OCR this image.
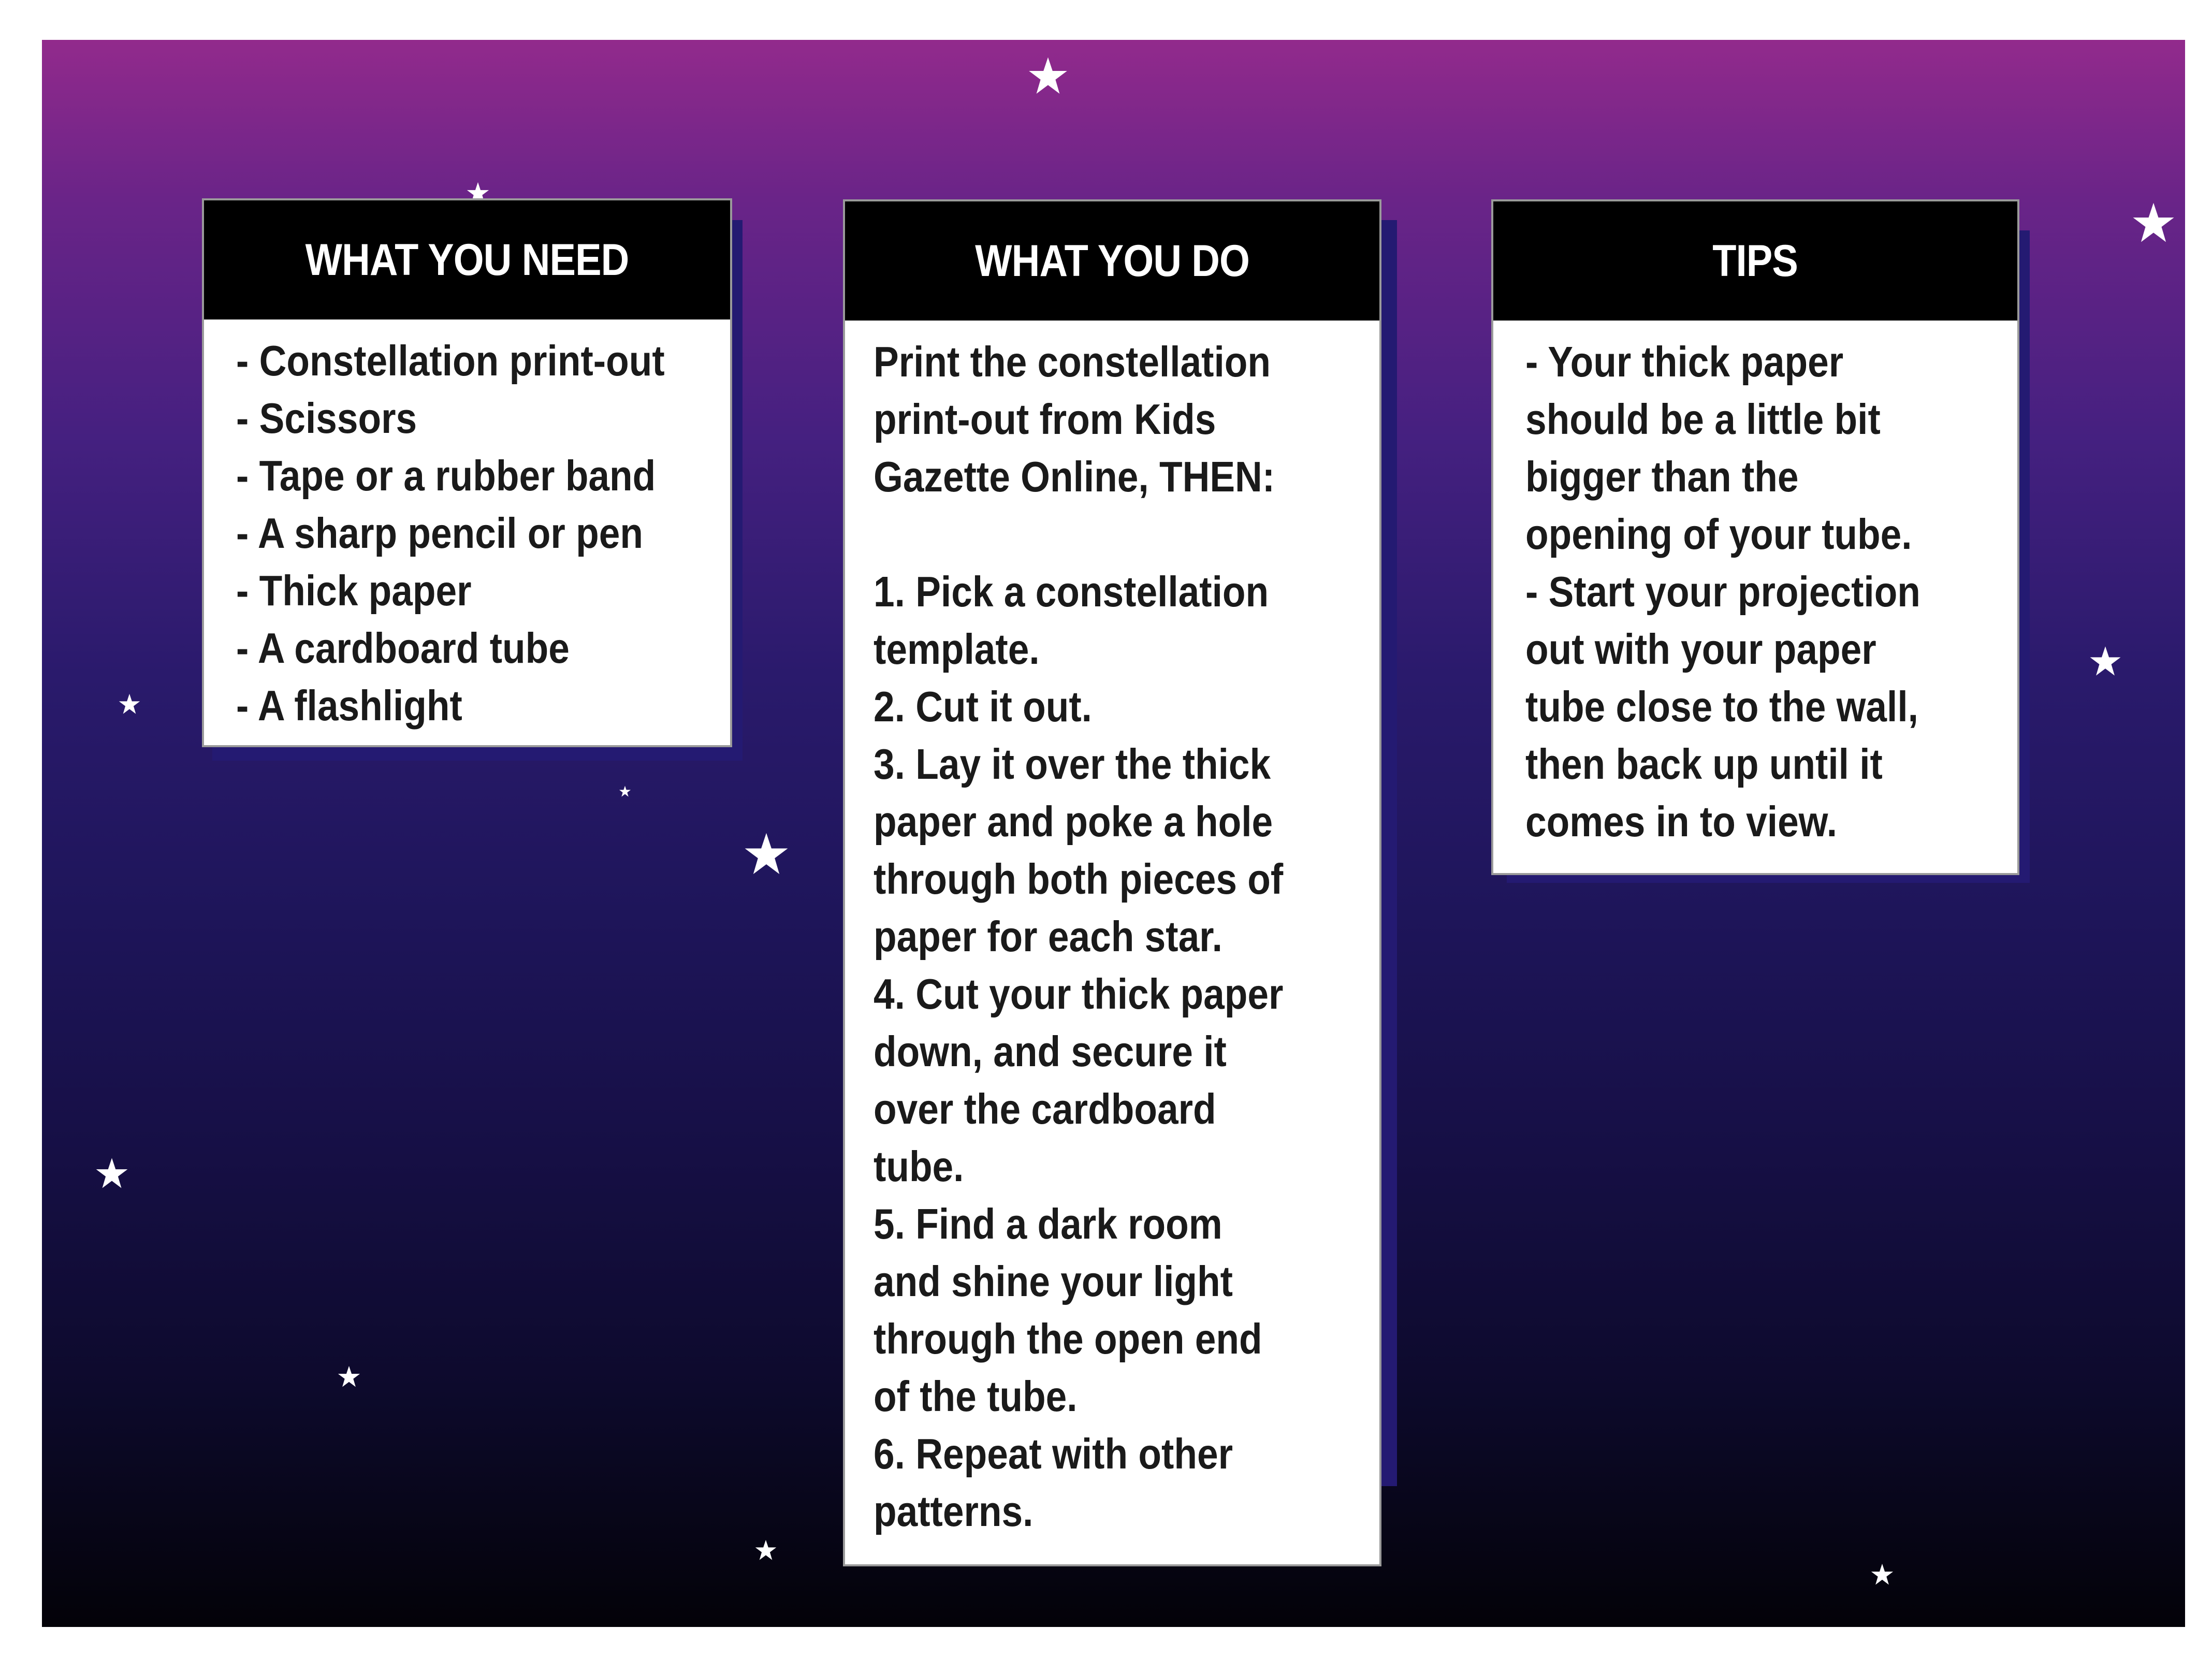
WHAT YOU NEED
- Constellation print-out
- Scissors
- Tape or a rubber band
- A sharp pencil or pen
- Thick paper
- A cardboard tube
- A flashlight
WHAT YOU DO
Print the constellation
print-out from Kids
Gazette Online, THEN:
1. Pick a constellation
template.
2. Cut it out.
3. Lay it over the thick
paper and poke a hole
through both pieces of
paper for each star.
4. Cut your thick paper
down, and secure it
over the cardboard
tube.
5. Find a dark room
and shine your light
through the open end
of the tube.
6. Repeat with other
patterns.
TIPS
- Your thick paper
should be a little bit
bigger than the
opening of your tube.
- Start your projection
out with your paper
tube close to the wall,
then back up until it
comes in to view.
